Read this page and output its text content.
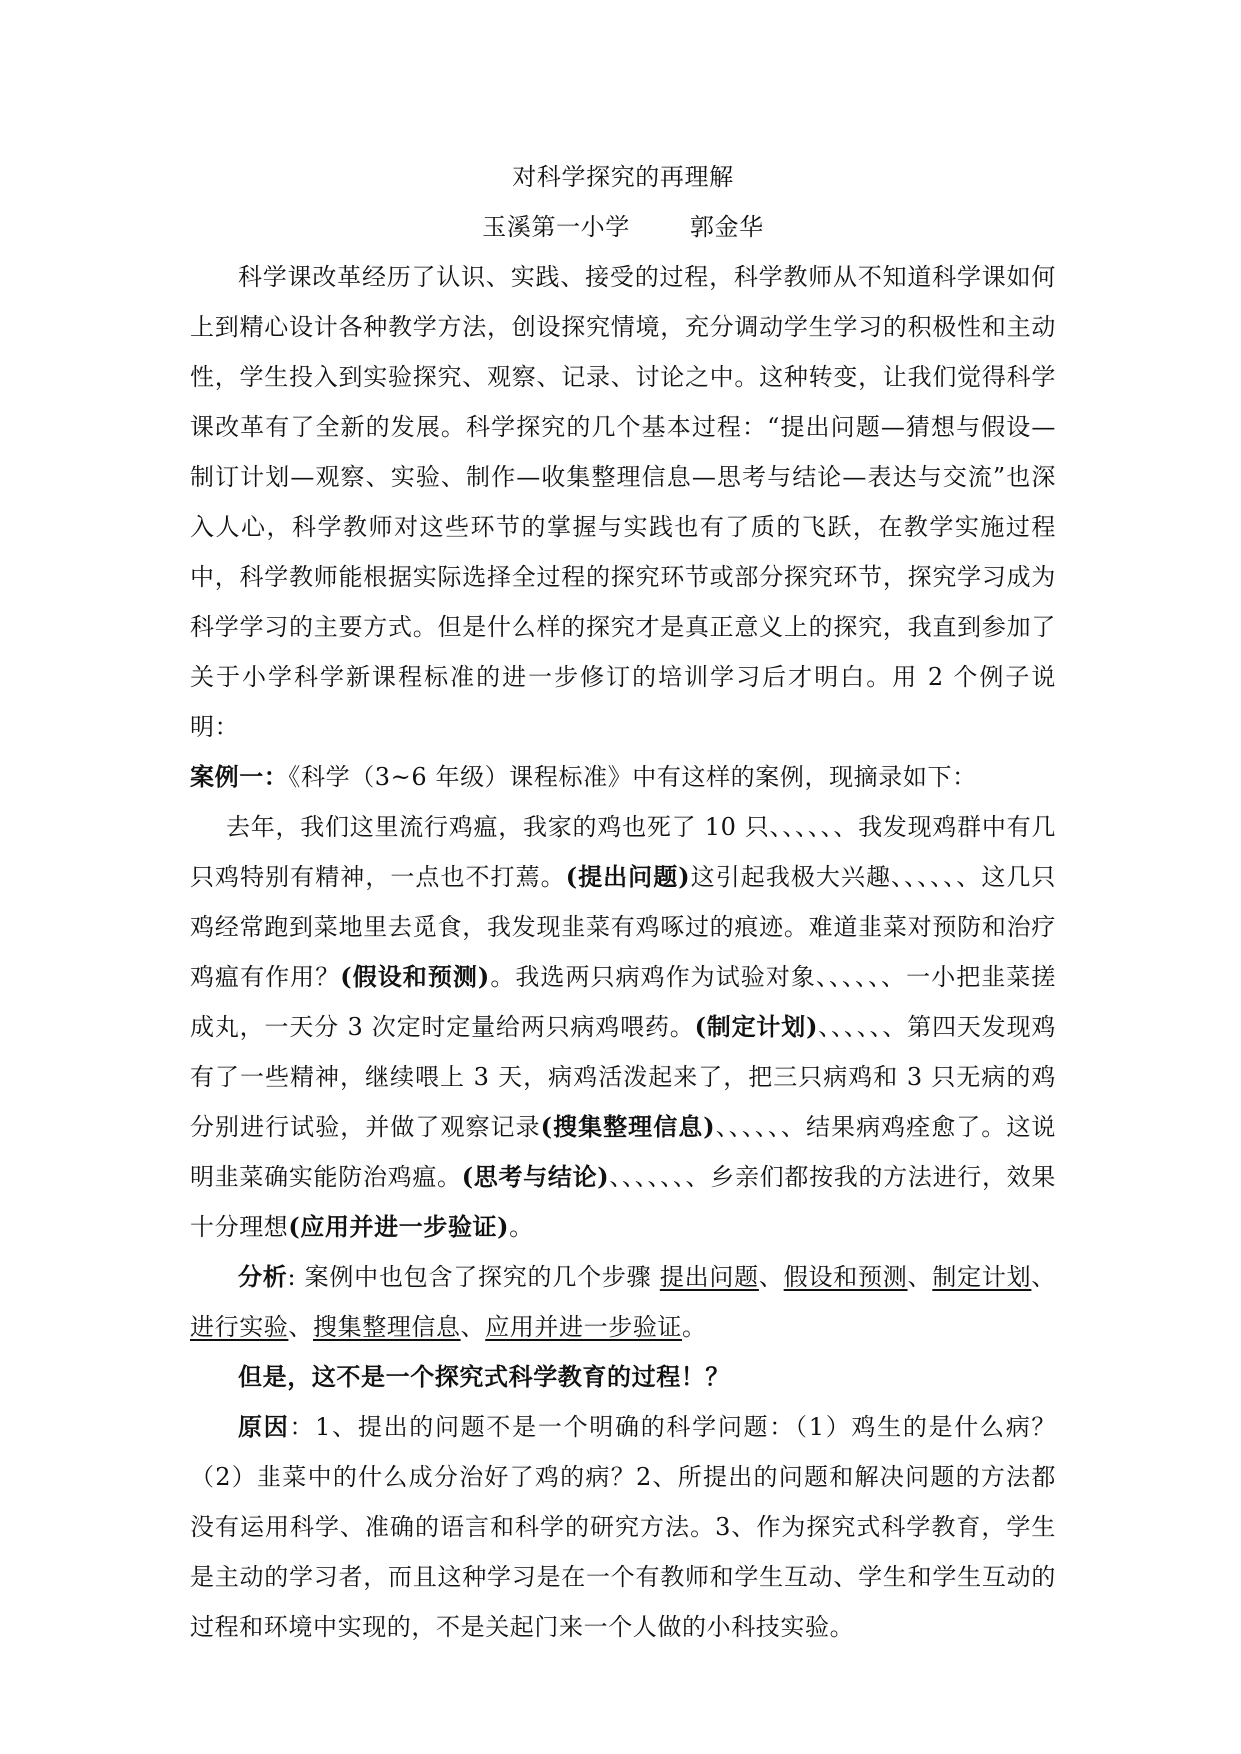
对科学探究的再理解
玉溪第一小学	郭金华

科学课改革经历了认识、实践、接受的过程，科学教师从不知道科学课如何上到精心设计各种教学方法，创设探究情境，充分调动学生学习的积极性和主动性，学生投入到实验探究、观察、记录、讨论之中。这种转变，让我们觉得科学课改革有了全新的发展。科学探究的几个基本过程：“提出问题—猜想与假设—制订计划—观察、实验、制作—收集整理信息—思考与结论—表达与交流”也深入人心，科学教师对这些环节的掌握与实践也有了质的飞跃，在教学实施过程中，科学教师能根据实际选择全过程的探究环节或部分探究环节，探究学习成为科学学习的主要方式。但是什么样的探究才是真正意义上的探究，我直到参加了关于小学科学新课程标准的进一步修订的培训学习后才明白。用 2 个例子说明：

案例一：《科学（3~6 年级）课程标准》中有这样的案例，现摘录如下：

去年，我们这里流行鸡瘟，我家的鸡也死了 10 只、、、、、、我发现鸡群中有几只鸡特别有精神，一点也不打蔫。(提出问题)这引起我极大兴趣、、、、、、这几只鸡经常跑到菜地里去觅食，我发现韭菜有鸡啄过的痕迹。难道韭菜对预防和治疗鸡瘟有作用？(假设和预测)。我选两只病鸡作为试验对象、、、、、、一小把韭菜搓成丸，一天分 3 次定时定量给两只病鸡喂药。(制定计划)、、、、、、第四天发现鸡有了一些精神，继续喂上 3 天，病鸡活泼起来了，把三只病鸡和 3 只无病的鸡分别进行试验，并做了观察记录(搜集整理信息)、、、、、、结果病鸡痊愈了。这说明韭菜确实能防治鸡瘟。(思考与结论)、、、、、、、乡亲们都按我的方法进行，效果十分理想(应用并进一步验证)。

分析: 案例中也包含了探究的几个步骤 提出问题、假设和预测、制定计划、进行实验、搜集整理信息、应用并进一步验证。

但是，这不是一个探究式科学教育的过程！？

原因：1、提出的问题不是一个明确的科学问题：（1）鸡生的是什么病？（2）韭菜中的什么成分治好了鸡的病？2、所提出的问题和解决问题的方法都没有运用科学、准确的语言和科学的研究方法。3、作为探究式科学教育，学生是主动的学习者，而且这种学习是在一个有教师和学生互动、学生和学生互动的过程和环境中实现的，不是关起门来一个人做的小科技实验。
